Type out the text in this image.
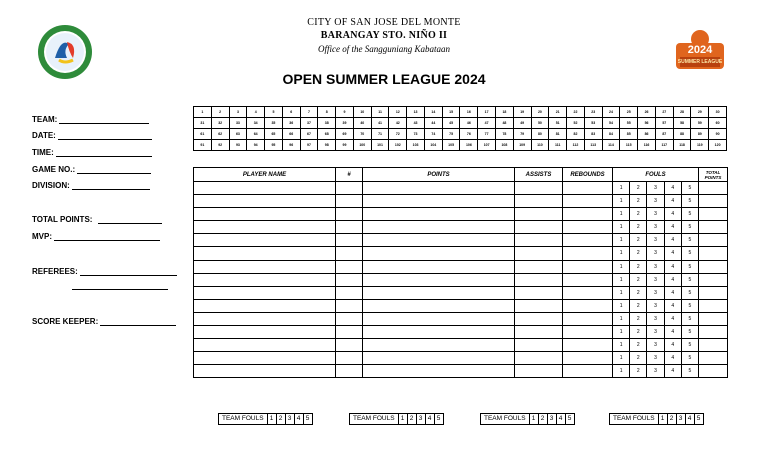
2024
SUMMER LEAGUE
CITY OF SAN JOSE DEL MONTE
BARANGAY STO. NIÑO II
Office of the Sangguniang Kabataan
OPEN SUMMER LEAGUE 2024
TEAM:
DATE:
TIME:
GAME NO.:
DIVISION:
TOTAL POINTS:
MVP:
REFEREES:
SCORE KEEPER:
1	2	3	4	5	6	7	8	9	10	11	12	13	14	15	16	17	18	19	20	21	22	23	24	25	26	27	28	29	30
31	32	33	34	35	36	37	38	39	40	41	42	43	44	45	46	47	48	49	50	51	52	53	54	55	56	57	58	59	60
61	62	63	64	65	66	67	68	69	70	71	72	73	74	75	76	77	78	79	80	81	82	83	84	85	86	87	88	89	90
91	92	93	94	95	96	97	98	99	100	101	102	103	104	105	106	107	108	109	110	111	112	113	114	115	116	117	118	119	120
PLAYER NAME	#	POINTS	ASSISTS	REBOUNDS	FOULS	TOTAL POINTS

					1 2 3 4 5	

					1 2 3 4 5	

					1 2 3 4 5	

					1 2 3 4 5	

					1 2 3 4 5	

					1 2 3 4 5	

					1 2 3 4 5	

					1 2 3 4 5	

					1 2 3 4 5	

					1 2 3 4 5	

					1 2 3 4 5	

					1 2 3 4 5	

					1 2 3 4 5	

					1 2 3 4 5	

					1 2 3 4 5	

TEAM FOULS 1 2 3 4 5	TEAM FOULS 1 2 3 4 5	TEAM FOULS 1 2 3 4 5	TEAM FOULS 1 2 3 4 5
